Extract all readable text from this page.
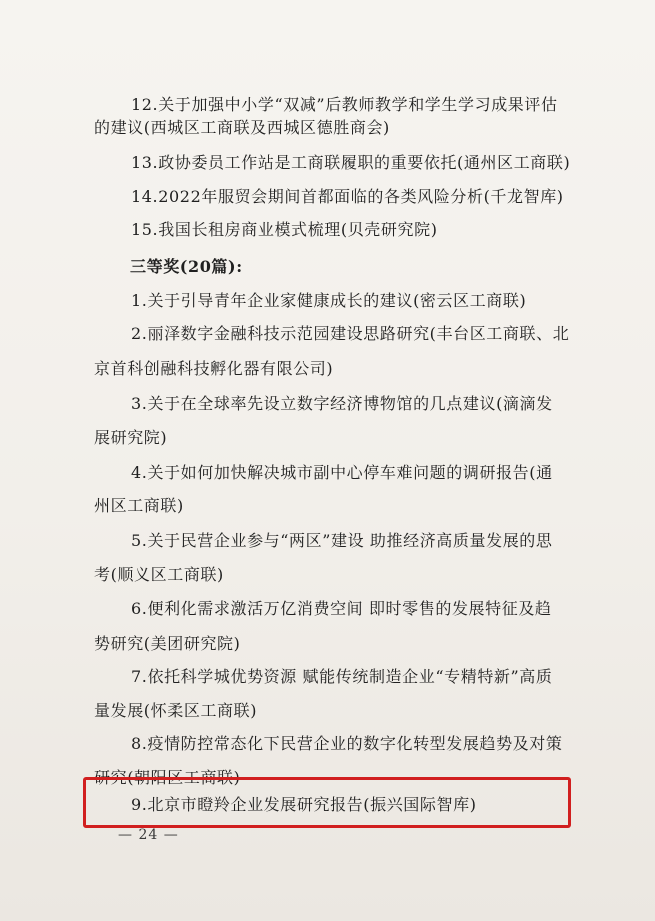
12.关于加强中小学“双减”后教师教学和学生学习成果评估
的建议(西城区工商联及西城区德胜商会)
13.政协委员工作站是工商联履职的重要依托(通州区工商联)
14.2022年服贸会期间首都面临的各类风险分析(千龙智库)
15.我国长租房商业模式梳理(贝壳研究院)
三等奖(20篇):
1.关于引导青年企业家健康成长的建议(密云区工商联)
2.丽泽数字金融科技示范园建设思路研究(丰台区工商联、北
京首科创融科技孵化器有限公司)
3.关于在全球率先设立数字经济博物馆的几点建议(滴滴发
展研究院)
4.关于如何加快解决城市副中心停车难问题的调研报告(通
州区工商联)
5.关于民营企业参与“两区”建设 助推经济高质量发展的思
考(顺义区工商联)
6.便利化需求激活万亿消费空间 即时零售的发展特征及趋
势研究(美团研究院)
7.依托科学城优势资源 赋能传统制造企业“专精特新”高质
量发展(怀柔区工商联)
8.疫情防控常态化下民营企业的数字化转型发展趋势及对策
研究(朝阳区工商联)
9.北京市瞪羚企业发展研究报告(振兴国际智库)
— 24 —
